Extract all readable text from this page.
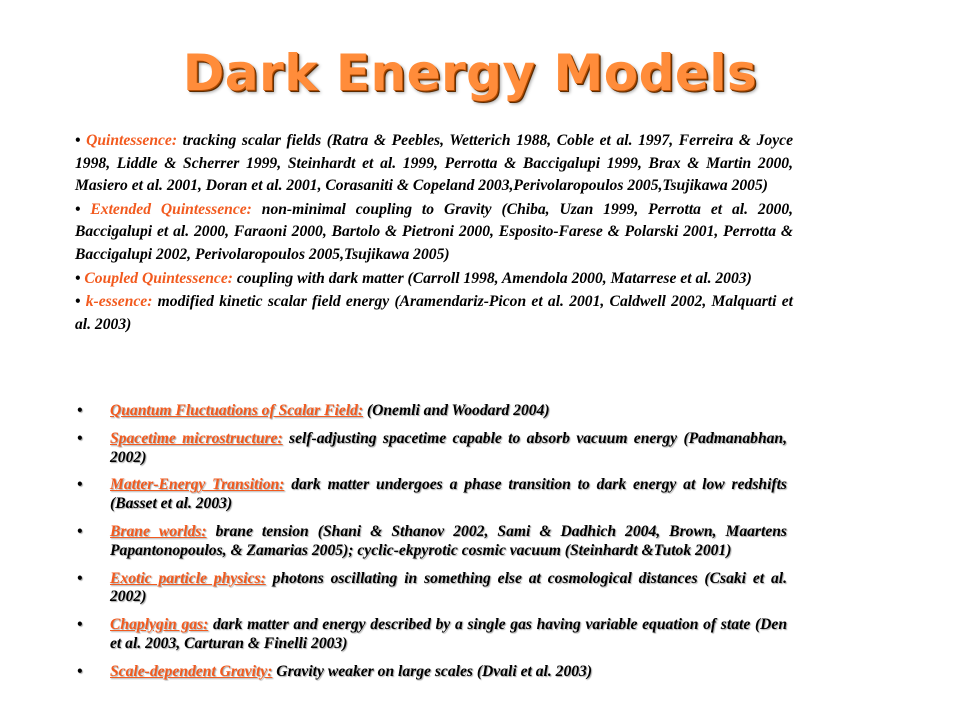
Dark Energy Models

• Quintessence: tracking scalar fields (Ratra & Peebles, Wetterich 1988, Coble et al. 1997, Ferreira & Joyce 1998, Liddle & Scherrer 1999, Steinhardt et al. 1999, Perrotta & Baccigalupi 1999, Brax & Martin 2000, Masiero et al. 2001, Doran et al. 2001, Corasaniti & Copeland 2003,Perivolaropoulos 2005,Tsujikawa 2005)

• Extended Quintessence: non-minimal coupling to Gravity (Chiba, Uzan 1999, Perrotta et al. 2000, Baccigalupi et al. 2000, Faraoni 2000, Bartolo & Pietroni 2000, Esposito-Farese & Polarski 2001, Perrotta & Baccigalupi 2002, Perivolaropoulos 2005,Tsujikawa 2005)

• Coupled Quintessence: coupling with dark matter (Carroll 1998, Amendola 2000, Matarrese et al. 2003)

• k-essence: modified kinetic scalar field energy (Aramendariz-Picon et al. 2001, Caldwell 2002, Malquarti et al. 2003)

• Quantum Fluctuations of Scalar Field: (Onemli and Woodard 2004)
• Spacetime microstructure: self-adjusting spacetime capable to absorb vacuum energy (Padmanabhan, 2002)
• Matter-Energy Transition: dark matter undergoes a phase transition to dark energy at low redshifts (Basset et al. 2003)
• Brane worlds: brane tension (Shani & Sthanov 2002, Sami & Dadhich 2004, Brown, Maartens Papantonopoulos, & Zamarias 2005); cyclic-ekpyrotic cosmic vacuum (Steinhardt &Tutok 2001)
• Exotic particle physics: photons oscillating in something else at cosmological distances (Csaki et al. 2002)
• Chaplygin gas: dark matter and energy described by a single gas having variable equation of state (Den et al. 2003, Carturan & Finelli 2003)
• Scale-dependent Gravity: Gravity weaker on large scales (Dvali et al. 2003)
